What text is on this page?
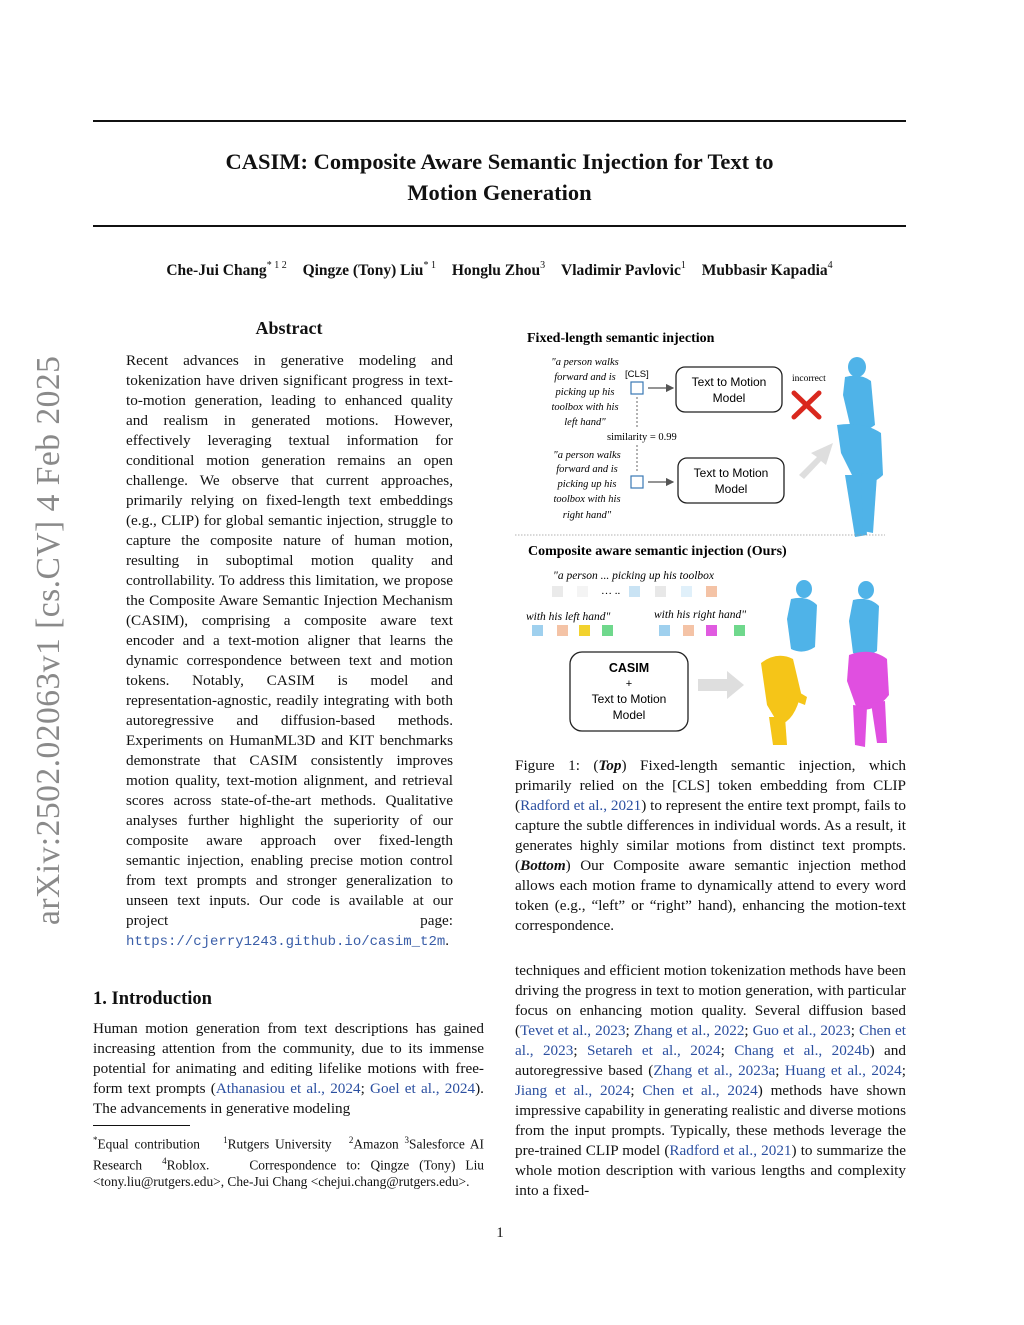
CASIM: Composite Aware Semantic Injection for Text to
Motion Generation
Che-Jui Chang$^{* 1 2}$ Qingze (Tony) Liu$^{* 1}$ Honglu Zhou$^3$ Vladimir Pavlovic$^1$ Mubbasir Kapadia$^4$
arXiv:2502.02063v1 [cs.CV] 4 Feb 2025
Abstract
Recent advances in generative modeling and tokenization have driven significant progress in text-to-motion generation, leading to enhanced quality and realism in generated motions. However, effectively leveraging textual information for conditional motion generation remains an open challenge. We observe that current approaches, primarily relying on fixed-length text embeddings (e.g., CLIP) for global semantic injection, struggle to capture the composite nature of human motion, resulting in suboptimal motion quality and controllability. To address this limitation, we propose the Composite Aware Semantic Injection Mechanism (CASIM), comprising a composite aware text encoder and a text-motion aligner that learns the dynamic correspondence between text and motion tokens. Notably, CASIM is model and representation-agnostic, readily integrating with both autoregressive and diffusion-based methods. Experiments on HumanML3D and KIT benchmarks demonstrate that CASIM consistently improves motion quality, text-motion alignment, and retrieval scores across state-of-the-art methods. Qualitative analyses further highlight the superiority of our composite aware approach over fixed-length semantic injection, enabling precise motion control from text prompts and stronger generalization to unseen text inputs. Our code is available at our project page: https://cjerry1243.github.io/casim_t2m.
1. Introduction
Human motion generation from text descriptions has gained increasing attention from the community, due to its immense potential for animating and editing lifelike motions with free-form text prompts (Athanasiou et al., 2024; Goel et al., 2024). The advancements in generative modeling
*Equal contribution	$^1$Rutgers University $^2$Amazon $^3$Salesforce AI Research $^4$Roblox.	Correspondence to: Qingze (Tony) Liu <tony.liu@rutgers.edu>, Che-Jui Chang <chejui.chang@rutgers.edu>.
Fixed-length semantic injection
"a person walks
forward and is
picking up his
toolbox with his
left hand"
"a person walks
forward and is
picking up his
toolbox with his
right hand"
[CLS]
similarity = 0.99
Text to Motion
Model
Text to Motion
Model
incorrect
Composite aware semantic injection (Ours)
"a person ... picking up his toolbox
… ..
with his left hand"	with his right hand"
CASIM
+
Text to Motion
Model
Figure 1: (Top) Fixed-length semantic injection, which primarily relied on the [CLS] token embedding from CLIP (Radford et al., 2021) to represent the entire text prompt, fails to capture the subtle differences in individual words. As a result, it generates highly similar motions from distinct text prompts. (Bottom) Our Composite aware semantic injection method allows each motion frame to dynamically attend to every word token (e.g., “left” or “right” hand), enhancing the motion-text correspondence.
techniques and efficient motion tokenization methods have been driving the progress in text to motion generation, with particular focus on enhancing motion quality. Several diffusion based (Tevet et al., 2023; Zhang et al., 2022; Guo et al., 2023; Chen et al., 2023; Setareh et al., 2024; Chang et al., 2024b) and autoregressive based (Zhang et al., 2023a; Huang et al., 2024; Jiang et al., 2024; Chen et al., 2024) methods have shown impressive capability in generating realistic and diverse motions from the input prompts. Typically, these methods leverage the pre-trained CLIP model (Radford et al., 2021) to summarize the whole motion description with various lengths and complexity into a fixed-
1
